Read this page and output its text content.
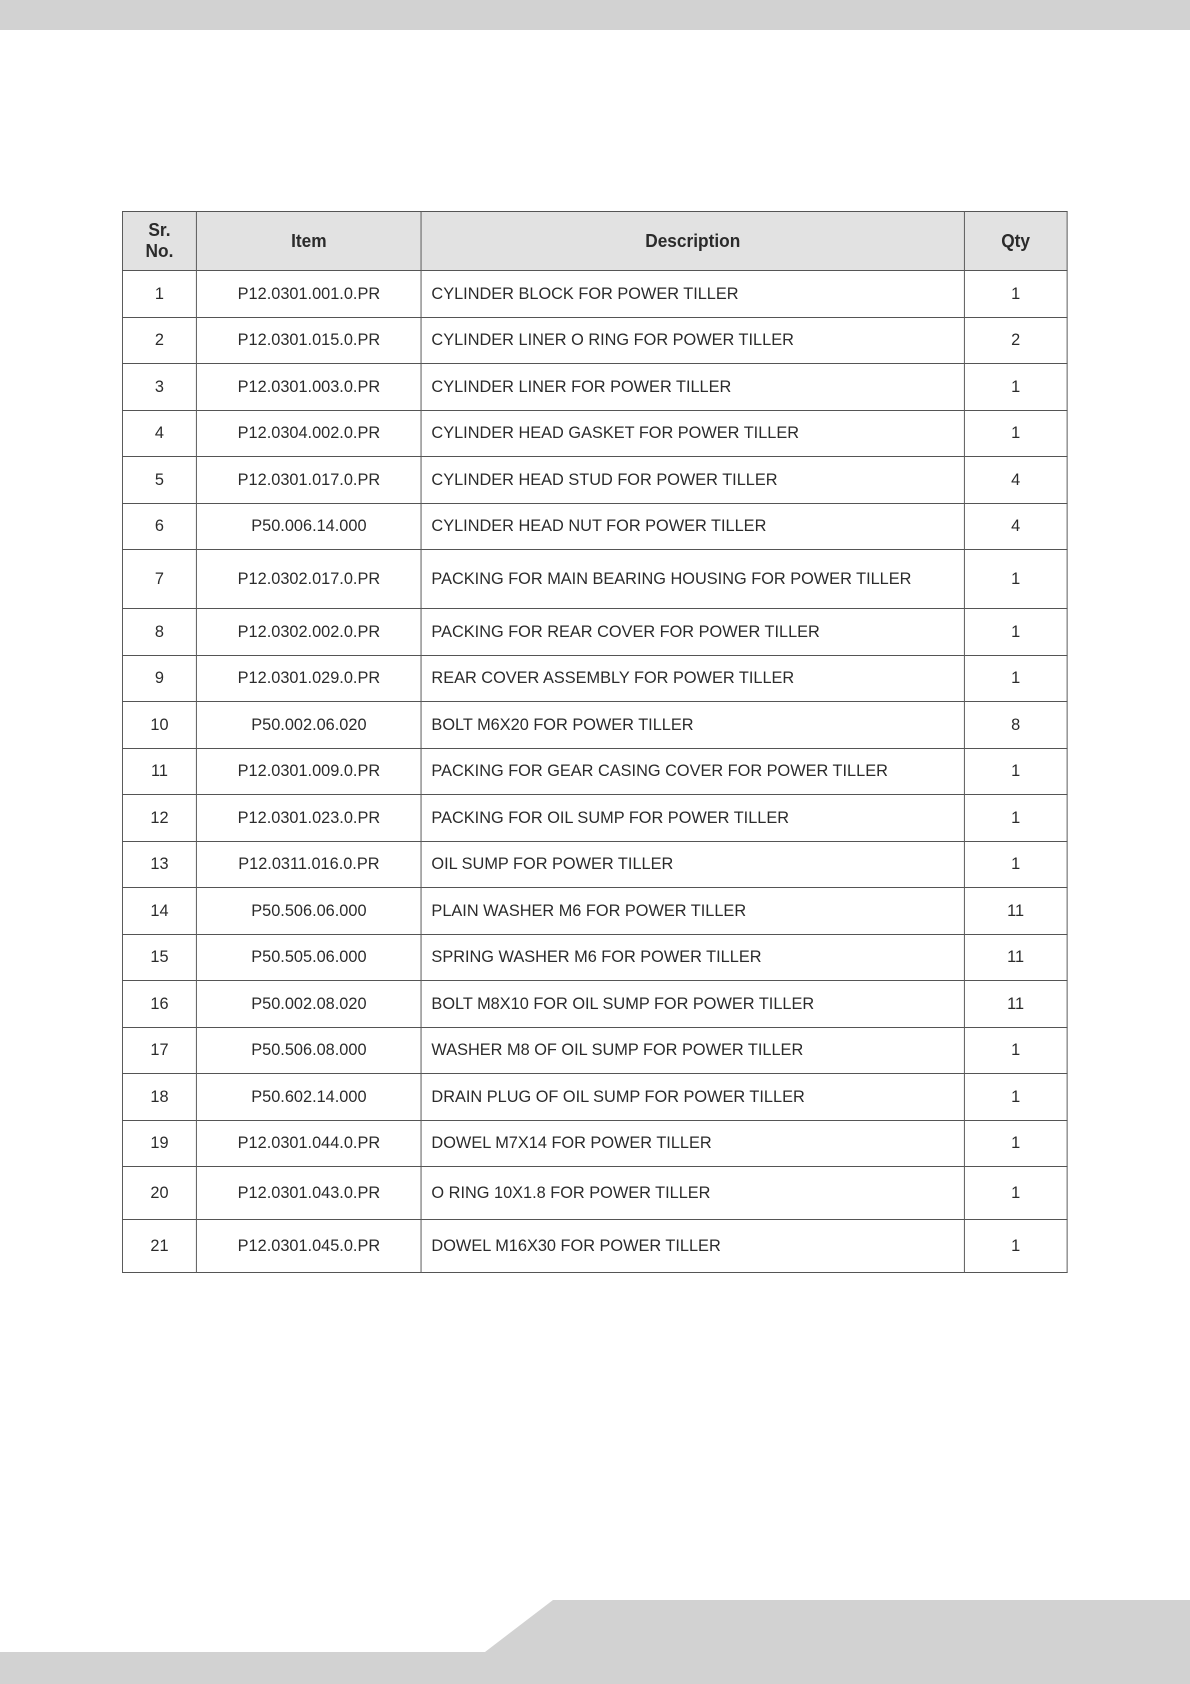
Sr.
No.	Item	Description	Qty
1	P12.0301.001.0.PR	CYLINDER BLOCK FOR POWER TILLER	1
2	P12.0301.015.0.PR	CYLINDER LINER O RING FOR POWER TILLER	2
3	P12.0301.003.0.PR	CYLINDER LINER FOR POWER TILLER	1
4	P12.0304.002.0.PR	CYLINDER HEAD GASKET FOR POWER TILLER	1
5	P12.0301.017.0.PR	CYLINDER HEAD STUD FOR POWER TILLER	4
6	P50.006.14.000	CYLINDER HEAD NUT FOR POWER TILLER	4
7	P12.0302.017.0.PR	PACKING FOR MAIN BEARING HOUSING FOR POWER TILLER	1
8	P12.0302.002.0.PR	PACKING FOR REAR COVER FOR POWER TILLER	1
9	P12.0301.029.0.PR	REAR COVER ASSEMBLY FOR POWER TILLER	1
10	P50.002.06.020	BOLT M6X20 FOR POWER TILLER	8
11	P12.0301.009.0.PR	PACKING FOR GEAR CASING COVER FOR POWER TILLER	1
12	P12.0301.023.0.PR	PACKING FOR OIL SUMP FOR POWER TILLER	1
13	P12.0311.016.0.PR	OIL SUMP FOR POWER TILLER	1
14	P50.506.06.000	PLAIN WASHER M6 FOR POWER TILLER	11
15	P50.505.06.000	SPRING WASHER M6 FOR POWER TILLER	11
16	P50.002.08.020	BOLT M8X10 FOR OIL SUMP FOR POWER TILLER	11
17	P50.506.08.000	WASHER M8 OF OIL SUMP FOR POWER TILLER	1
18	P50.602.14.000	DRAIN PLUG OF OIL SUMP FOR POWER TILLER	1
19	P12.0301.044.0.PR	DOWEL M7X14 FOR POWER TILLER	1
20	P12.0301.043.0.PR	O RING 10X1.8 FOR POWER TILLER	1
21	P12.0301.045.0.PR	DOWEL M16X30 FOR POWER TILLER	1
